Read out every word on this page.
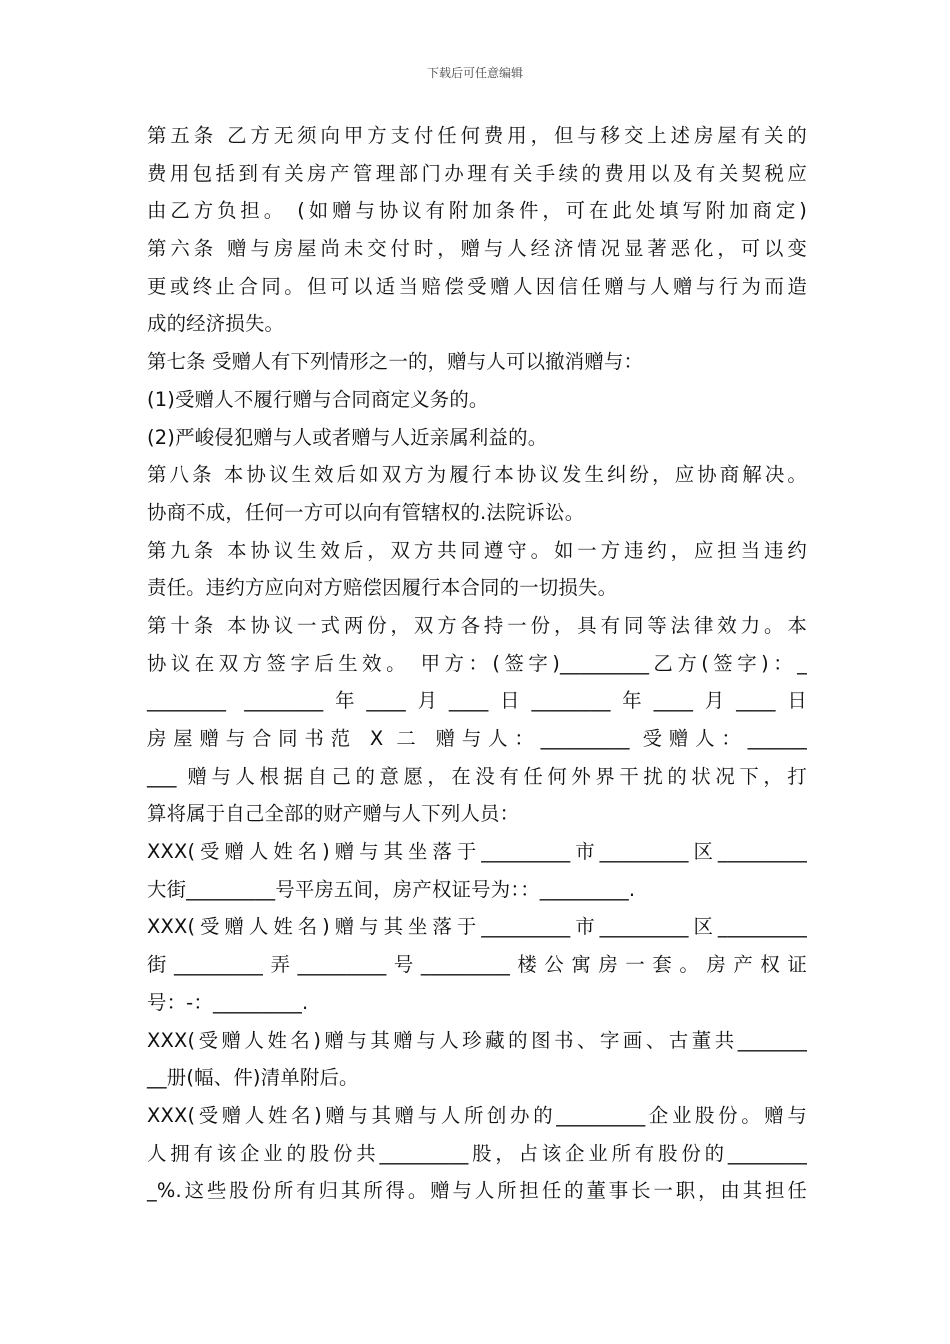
下载后可任意编辑
第五条 乙方无须向甲方支付任何费用，但与移交上述房屋有关的
费用包括到有关房产管理部门办理有关手续的费用以及有关契税应
由乙方负担。 (如赠与协议有附加条件，可在此处填写附加商定)
第六条 赠与房屋尚未交付时，赠与人经济情况显著恶化，可以变
更或终止合同。但可以适当赔偿受赠人因信任赠与人赠与行为而造
成的经济损失。
第七条 受赠人有下列情形之一的，赠与人可以撤消赠与：
(1)受赠人不履行赠与合同商定义务的。
(2)严峻侵犯赠与人或者赠与人近亲属利益的。
第八条 本协议生效后如双方为履行本协议发生纠纷，应协商解决。
协商不成，任何一方可以向有管辖权的.法院诉讼。
第九条 本协议生效后，双方共同遵守。如一方违约，应担当违约
责任。违约方应向对方赔偿因履行本合同的一切损失。
第十条 本协议一式两份，双方各持一份，具有同等法律效力。本
协议在双方签字后生效。 甲方：(签字)_________乙方(签字)：_
________ ________年____月____日________年____月____日
房屋赠与合同书范 X 二 赠与人：_________ 受赠人：______
___ 赠与人根据自己的意愿，在没有任何外界干扰的状况下，打
算将属于自己全部的财产赠与人下列人员：
XXX(受赠人姓名)赠与其坐落于_________市_________区_________
大街_________号平房五间，房产权证号为：：_________.
XXX(受赠人姓名)赠与其坐落于_________市_________区_________
街_________弄_________号_________楼公寓房一套。房产权证
号：-：_________.
XXX(受赠人姓名)赠与其赠与人珍藏的图书、字画、古董共_______
__册(幅、件)清单附后。
XXX(受赠人姓名)赠与其赠与人所创办的_________企业股份。赠与
人拥有该企业的股份共_________股，占该企业所有股份的________
_%.这些股份所有归其所得。赠与人所担任的董事长一职，由其担任
